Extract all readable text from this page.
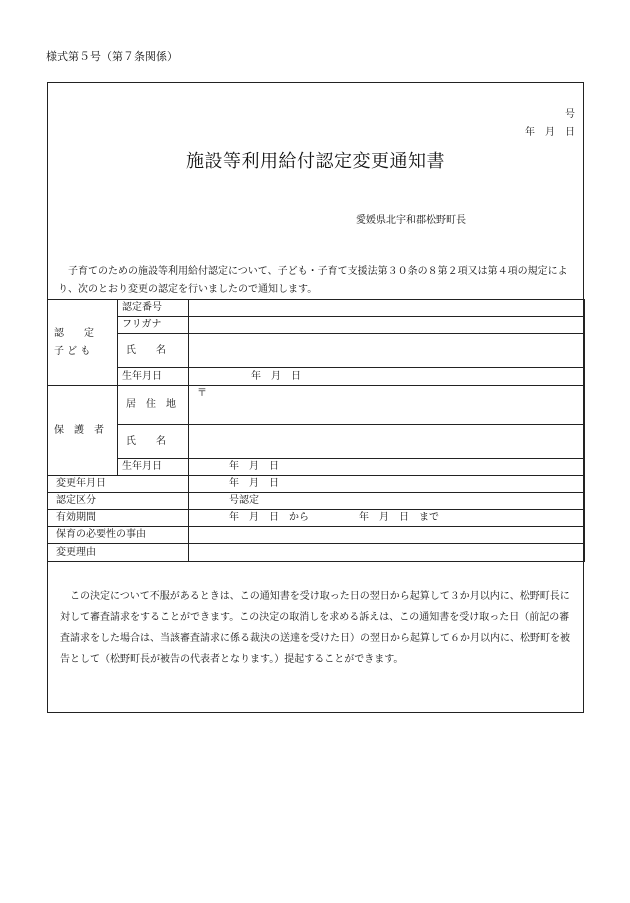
様式第５号（第７条関係）
号
年　月　日
施設等利用給付認定変更通知書
愛媛県北宇和郡松野町長
子育てのための施設等利用給付認定について、子ども・子育て支援法第３０条の８第２項又は第４項の規定により、次のとおり変更の認定を行いましたので通知します。
認　　定
子 ど も	認定番号	
	フリガナ	

氏　　名	

	生年月日	年　月　日
保　護　者	居　住　地	〒

氏　　名	

	生年月日	年　月　日

変更年月日		年　月　日

認定区分		号認定

有効期間		年　月　日　から　　　　　年　月　日　まで

保育の必要性の事由		

変更理由		

この決定について不服があるときは、この通知書を受け取った日の翌日から起算して３か月以内に、松野町長に対して審査請求をすることができます。この決定の取消しを求める訴えは、この通知書を受け取った日（前記の審査請求をした場合は、当該審査請求に係る裁決の送達を受けた日）の翌日から起算して６か月以内に、松野町を被告として（松野町長が被告の代表者となります。）提起することができます。
